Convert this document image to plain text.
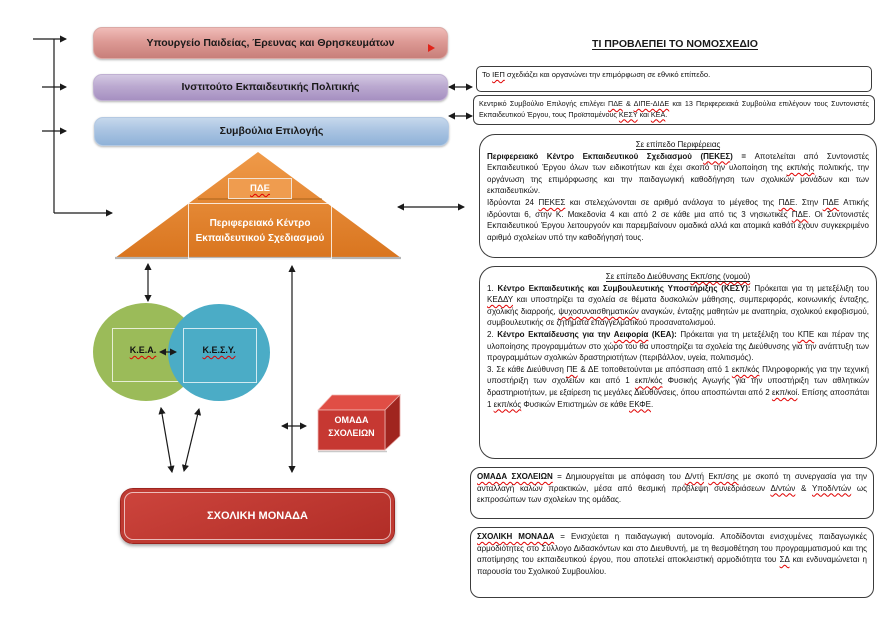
Υπουργείο Παιδείας, Έρευνας και Θρησκευμάτων
Ινστιτούτο Εκπαιδευτικής Πολιτικής
Συμβούλια Επιλογής
ΠΔΕ
Περιφερειακό Κέντρο
Εκπαιδευτικού Σχεδιασμού
Κ.Ε.Α.	Κ.Ε.Σ.Υ.
ΟΜΑΔΑ
ΣΧΟΛΕΙΩΝ
ΣΧΟΛΙΚΗ ΜΟΝΑΔΑ
ΤΙ ΠΡΟΒΛΕΠΕΙ ΤΟ ΝΟΜΟΣΧΕΔΙΟ

Το ΙΕΠ σχεδιάζει και οργανώνει την επιμόρφωση σε εθνικό επίπεδο.

Κεντρικό Συμβούλιο Επιλογής επιλέγει ΠΔΕ & ΔΙΠΕ-ΔΙΔΕ και 13 Περιφερειακά Συμβούλια επιλέγουν τους Συντονιστές Εκπαιδευτικού Έργου, τους Προϊσταμένους ΚΕΣΥ και ΚΕΑ.

Σε επίπεδο Περιφέρειας

Περιφερειακό Κέντρο Εκπαιδευτικού Σχεδιασμού (ΠΕΚΕΣ) = Αποτελείται από Συντονιστές Εκπαιδευτικού Έργου όλων των ειδικοτήτων και έχει σκοπό την υλοποίηση της εκπ/κής πολιτικής, την οργάνωση της επιμόρφωσης και την παιδαγωγική καθοδήγηση των σχολικών μονάδων και των εκπαιδευτικών.

Ιδρύονται 24 ΠΕΚΕΣ και στελεχώνονται σε αριθμό ανάλογα το μέγεθος της ΠΔΕ. Στην ΠΔΕ Αττικής ιδρύονται 6, στην Κ. Μακεδονία 4 και από 2 σε κάθε μια από τις 3 νησιωτικές ΠΔΕ. Οι Συντονιστές Εκπαιδευτικού Έργου λειτουργούν και παρεμβαίνουν ομαδικά αλλά και ατομικά καθότι έχουν συγκεκριμένο αριθμό σχολείων υπό την καθοδήγησή τους.

Σε επίπεδο Διεύθυνσης Εκπ/σης (νομού)

1. Κέντρο Εκπαιδευτικής και Συμβουλευτικής Υποστήριξης (ΚΕΣΥ): Πρόκειται για τη μετεξέλιξη του ΚΕΔΔΥ και υποστηρίζει τα σχολεία σε θέματα δυσκολιών μάθησης, συμπεριφοράς, κοινωνικής ένταξης, σχολικής διαρροής, ψυχοσυναισθηματικών αναγκών, ένταξης μαθητών με αναπηρία, σχολικού εκφοβισμού, συμβουλευτικής σε ζητήματα επαγγελματικού προσανατολισμού.

2. Κέντρο Εκπαίδευσης για την Αειφορία (ΚΕΑ): Πρόκειται για τη μετεξέλιξη του ΚΠΕ και πέραν της υλοποίησης προγραμμάτων στο χώρο του θα υποστηρίζει τα σχολεία της Διεύθυνσης για την ανάπτυξη των προγραμμάτων σχολικών δραστηριοτήτων (περιβάλλον, υγεία, πολιτισμός).

3. Σε κάθε Διεύθυνση ΠΕ & ΔΕ τοποθετούνται με απόσπαση από 1 εκπ/κός Πληροφορικής για την τεχνική υποστήριξη των σχολείων και από 1 εκπ/κός Φυσικής Αγωγής για την υποστήριξη των αθλητικών δραστηριοτήτων, με εξαίρεση τις μεγάλες Διευθύνσεις, όπου αποσπώνται από 2 εκπ/κοί. Επίσης αποσπάται 1 εκπ/κός Φυσικών Επιστημών σε κάθε ΕΚΦΕ.

ΟΜΑΔΑ ΣΧΟΛΕΙΩΝ = Δημιουργείται με απόφαση του Δ/ντή Εκπ/σης με σκοπό τη συνεργασία για την ανταλλαγή καλών πρακτικών, μέσα από θεσμική πρόβλεψη συνεδριάσεων Δ/ντών & Υποδ/ντών ως εκπροσώπων των σχολείων της ομάδας.

ΣΧΟΛΙΚΗ ΜΟΝΑΔΑ = Ενισχύεται η παιδαγωγική αυτονομία. Αποδίδονται ενισχυμένες παιδαγωγικές αρμοδιότητες στο Σύλλογο Διδασκόντων και στο Διευθυντή, με τη θεσμοθέτηση του προγραμματισμού και της αποτίμησης του εκπαιδευτικού έργου, που αποτελεί αποκλειστική αρμοδιότητα του ΣΔ και ενδυναμώνεται η παρουσία του Σχολικού Συμβουλίου.
